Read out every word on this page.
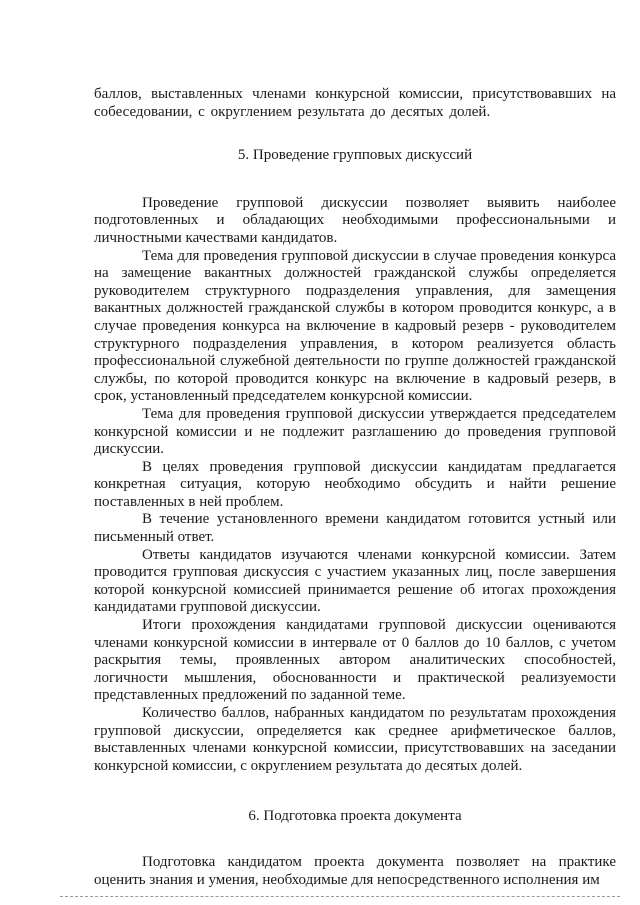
баллов, выставленных членами конкурсной комиссии, присутствовавших на собеседовании, с округлением результата до десятых долей.

5. Проведение групповых дискуссий

Проведение групповой дискуссии позволяет выявить наиболее подготовленных и обладающих необходимыми профессиональными и личностными качествами кандидатов.

Тема для проведения групповой дискуссии в случае проведения конкурса на замещение вакантных должностей гражданской службы определяется руководителем структурного подразделения управления, для замещения вакантных должностей гражданской службы в котором проводится конкурс, а в случае проведения конкурса на включение в кадровый резерв - руководителем структурного подразделения управления, в котором реализуется область профессиональной служебной деятельности по группе должностей гражданской службы, по которой проводится конкурс на включение в кадровый резерв, в срок, установленный председателем конкурсной комиссии.

Тема для проведения групповой дискуссии утверждается председателем конкурсной комиссии и не подлежит разглашению до проведения групповой дискуссии.

В целях проведения групповой дискуссии кандидатам предлагается конкретная ситуация, которую необходимо обсудить и найти решение поставленных в ней проблем.

В течение установленного времени кандидатом готовится устный или письменный ответ.

Ответы кандидатов изучаются членами конкурсной комиссии. Затем проводится групповая дискуссия с участием указанных лиц, после завершения которой конкурсной комиссией принимается решение об итогах прохождения кандидатами групповой дискуссии.

Итоги прохождения кандидатами групповой дискуссии оцениваются членами конкурсной комиссии в интервале от 0 баллов до 10 баллов, с учетом раскрытия темы, проявленных автором аналитических способностей, логичности мышления, обоснованности и практической реализуемости представленных предложений по заданной теме.

Количество баллов, набранных кандидатом по результатам прохождения групповой дискуссии, определяется как среднее арифметическое баллов, выставленных членами конкурсной комиссии, присутствовавших на заседании конкурсной комиссии, с округлением результата до десятых долей.

6. Подготовка проекта документа

Подготовка кандидатом проекта документа позволяет на практике оценить знания и умения, необходимые для непосредственного исполнения им
